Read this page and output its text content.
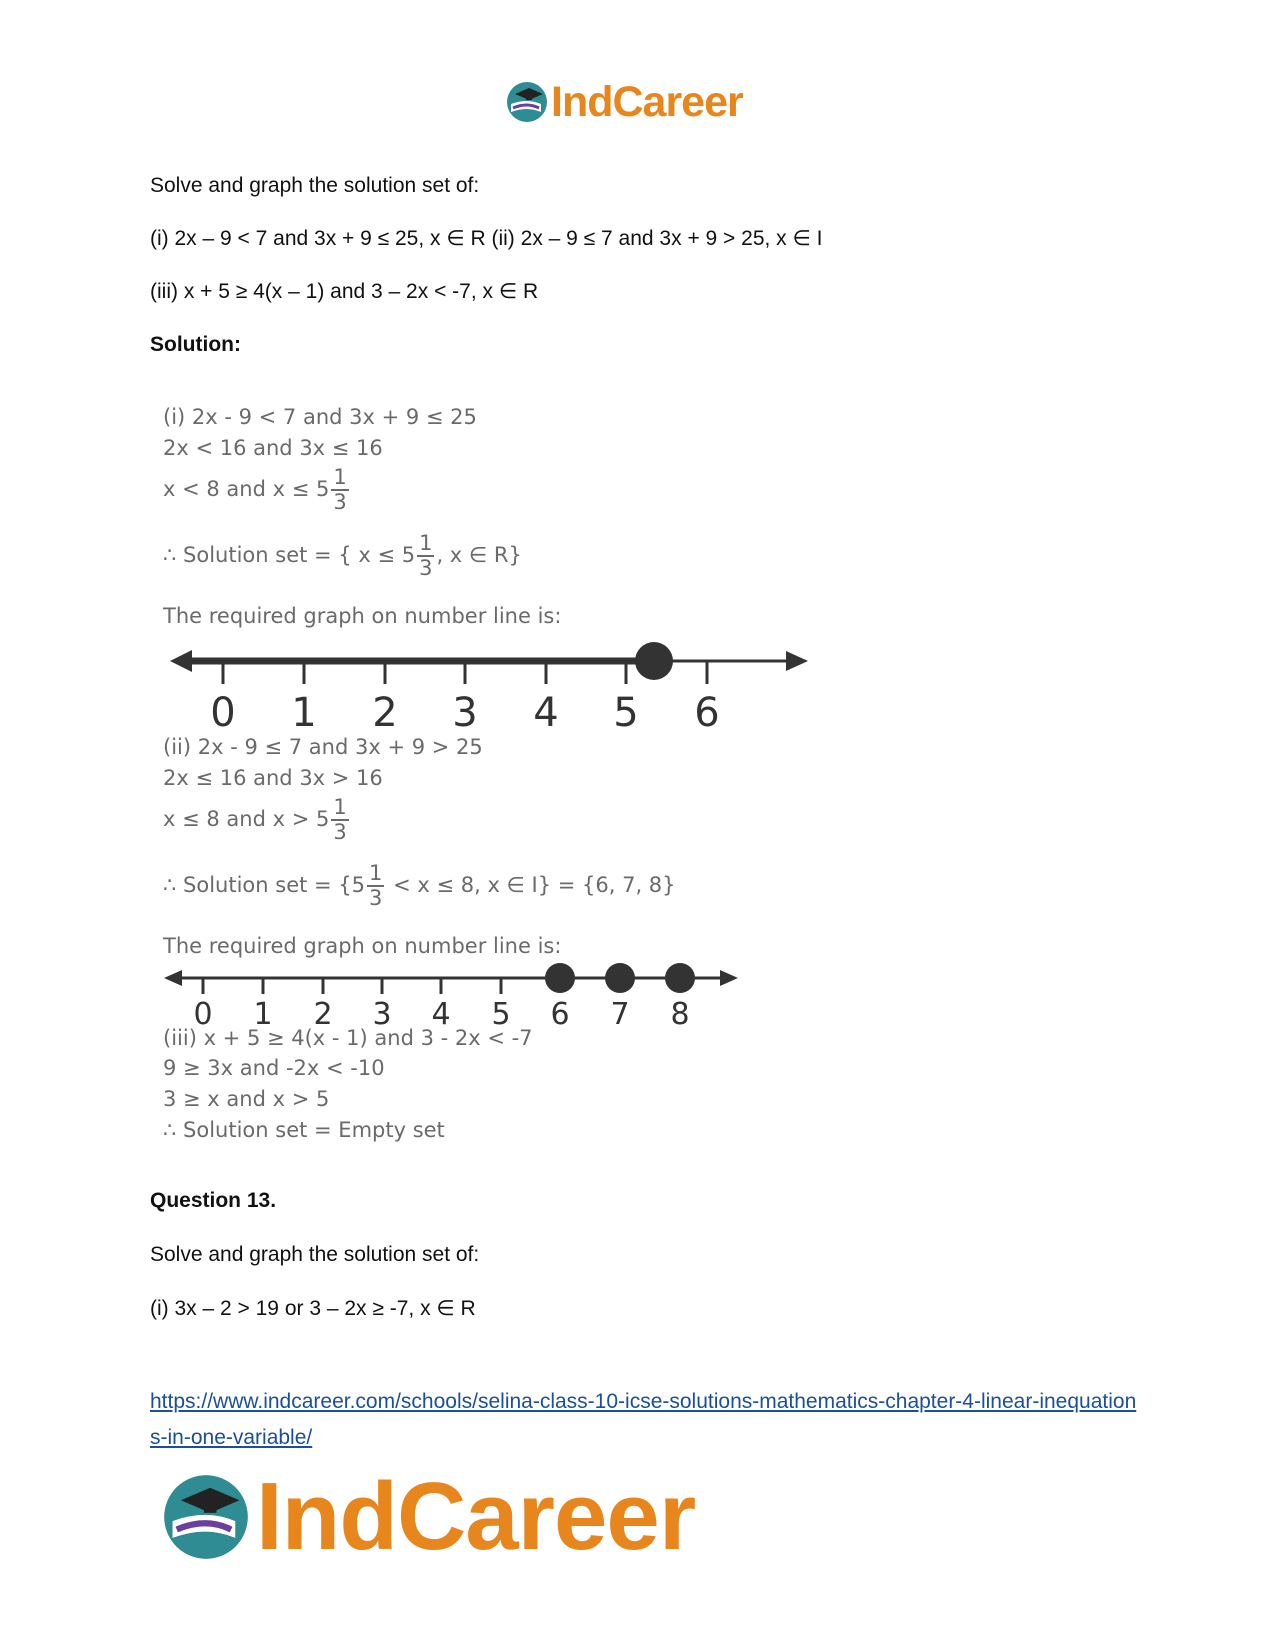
IndCareer
Solve and graph the solution set of:
(i) 2x – 9 < 7 and 3x + 9 ≤ 25, x ∈ R (ii) 2x – 9 ≤ 7 and 3x + 9 > 25, x ∈ I
(iii) x + 5 ≥ 4(x – 1) and 3 – 2x < -7, x ∈ R
Solution:
(i) 2x - 9 < 7 and 3x + 9 ≤ 25
2x < 16 and 3x ≤ 16
x < 8 and $x \le 5 \frac{1}{3}$
∴ Solution set = { $x \le 5 \frac{1}{3}$ , x ∈ R}
The required graph on number line is:
0 1 2 3 4 5 6
(ii) 2x - 9 ≤ 7 and 3x + 9 > 25
2x ≤ 16 and 3x > 16
x ≤ 8 and $x > 5 \frac{1}{3}$
∴ Solution set = {$5 \frac{1}{3} < x \le 8$, x ∈ I} = {6, 7, 8}
The required graph on number line is:
0 1 2 3 4 5 6 7 8
(iii) x + 5 ≥ 4(x - 1) and 3 - 2x < -7
9 ≥ 3x and -2x < -10
3 ≥ x and x > 5
∴ Solution set = Empty set
Question 13.
Solve and graph the solution set of:
(i) 3x – 2 > 19 or 3 – 2x ≥ -7, x ∈ R
https://www.indcareer.com/schools/selina-class-10-icse-solutions-mathematics-chapter-4-linear-inequations-in-one-variable/
IndCareer
